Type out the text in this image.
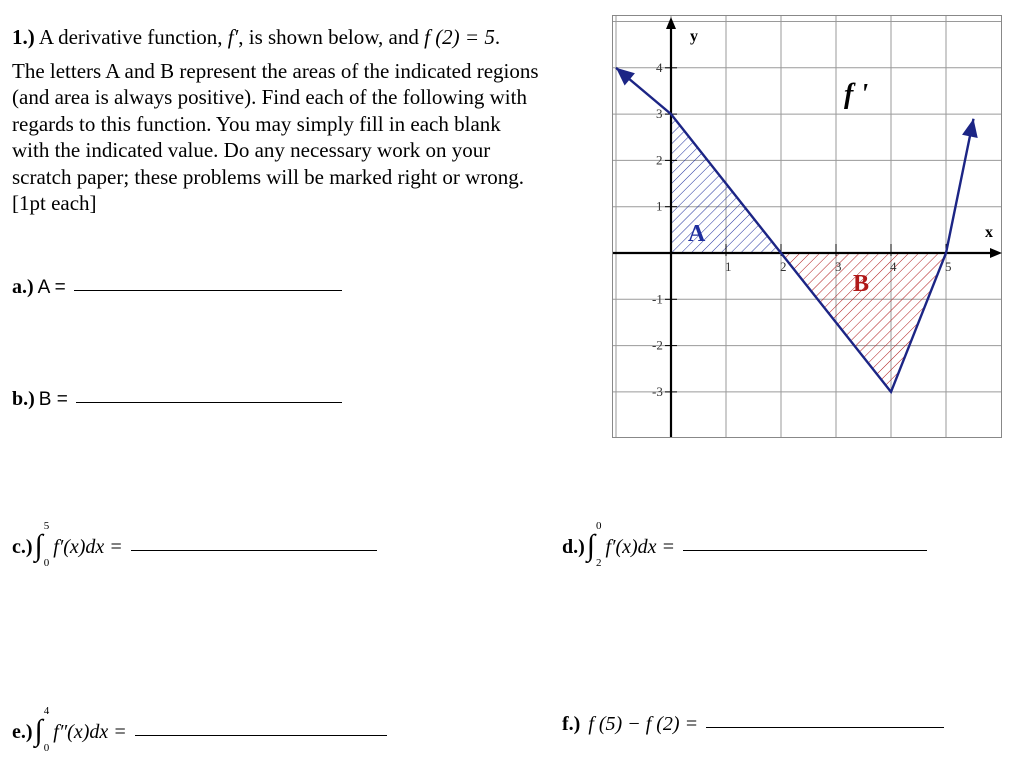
1.) A derivative function, f′, is shown below, and f (2) = 5.

The letters A and B represent the areas of the indicated regions

(and area is always positive). Find each of the following with

regards to this function. You may simply fill in each blank

with the indicated value. Do any necessary work on your

scratch paper; these problems will be marked right or wrong.

[1pt each]

a.) A =
b.) B =
c.) ∫
5
0
f′(x)dx =	d.) ∫
0
2
f′(x)dx =
e.) ∫
4
0
f″(x)dx =	f.) f (5) − f (2) =
1	2	3	4	5
4
3
2
1
-1
-2
-3
y
x
f '
A
B
